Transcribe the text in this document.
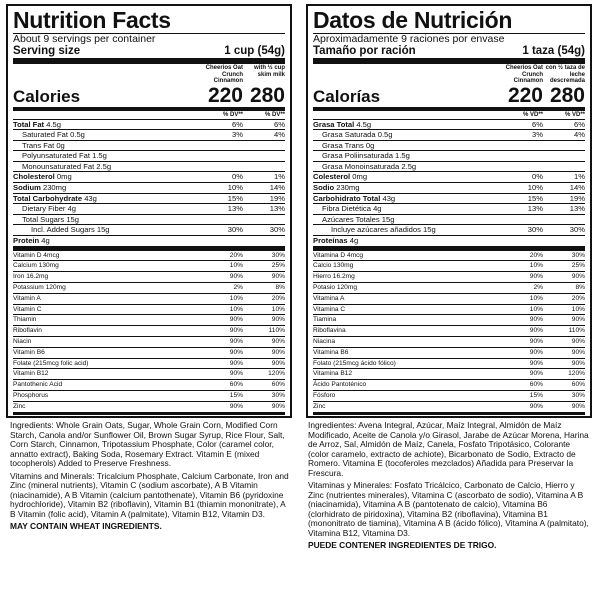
Nutrition Facts
About 9 servings per container
Serving size	1 cup (54g)
Cheerios Oat Crunch Cinnamon
with ½ cup skim milk
Calories	220 280
% DV**	% DV**
Total Fat 4.5g	6%	6%
Saturated Fat 0.5g	3%	4%
Trans Fat 0g
Polyunsaturated Fat 1.5g
Monounsaturated Fat 2.5g
Cholesterol 0mg	0%	1%
Sodium 230mg	10%	14%
Total Carbohydrate 43g	15%	19%
Dietary Fiber 4g	13%	13%
Total Sugars 15g
Incl. Added Sugars 15g	30%	30%
Protein 4g
Vitamin D 4mcg	20%	30%
Calcium 130mg	10%	25%
Iron 16.2mg	90%	90%
Potassium 120mg	2%	8%
Vitamin A	10%	20%
Vitamin C	10%	10%
Thiamin	90%	90%
Riboflavin	90%	110%
Niacin	90%	90%
Vitamin B6	90%	90%
Folate (215mcg folic acid)	90%	90%
Vitamin B12	90%	120%
Pantothenic Acid	60%	60%
Phosphorus	15%	30%
Zinc	90%	90%
Datos de Nutrición
Aproximadamente 9 raciones por envase
Tamaño por ración	1 taza (54g)
Cheerios Oat Crunch Cinnamon
con ½ taza de leche descremada
Calorías	220 280
% VD**	% VD**
Grasa Total 4.5g	6%	6%
Grasa Saturada 0.5g	3%	4%
Grasa Trans 0g
Grasa Poliinsaturada 1.5g
Grasa Monoinsaturada 2.5g
Colesterol 0mg	0%	1%
Sodio 230mg	10%	14%
Carbohidrato Total 43g	15%	19%
Fibra Dietética 4g	13%	13%
Azúcares Totales 15g
Incluye azúcares añadidos 15g	30%	30%
Proteínas 4g
Vitamina D 4mcg	20%	30%
Calcio 130mg	10%	25%
Hierro 16.2mg	90%	90%
Potasio 120mg	2%	8%
Vitamina A	10%	20%
Vitamina C	10%	10%
Tiamina	90%	90%
Riboflavina	90%	110%
Niacina	90%	90%
Vitamina B6	90%	90%
Folato (215mcg ácido fólico)	90%	90%
Vitamina B12	90%	120%
Ácido Pantoténico	60%	60%
Fósforo	15%	30%
Zinc	90%	90%

Ingredients: Whole Grain Oats, Sugar, Whole Grain Corn, Modified Corn Starch, Canola and/or Sunflower Oil, Brown Sugar Syrup, Rice Flour, Salt, Corn Starch, Cinnamon, Tripotassium Phosphate, Color (caramel color, annatto extract), Baking Soda, Rosemary Extract. Vitamin E (mixed tocopherols) Added to Preserve Freshness.

Vitamins and Minerals: Tricalcium Phosphate, Calcium Carbonate, Iron and Zinc (mineral nutrients), Vitamin C (sodium ascorbate), A B Vitamin (niacinamide), A B Vitamin (calcium pantothenate), Vitamin B6 (pyridoxine hydrochloride), Vitamin B2 (riboflavin), Vitamin B1 (thiamin mononitrate), A B Vitamin (folic acid), Vitamin A (palmitate), Vitamin B12, Vitamin D3.

MAY CONTAIN WHEAT INGREDIENTS.

Ingredientes: Avena Integral, Azúcar, Maíz Integral, Almidón de Maíz Modificado, Aceite de Canola y/o Girasol, Jarabe de Azúcar Morena, Harina de Arroz, Sal, Almidón de Maíz, Canela, Fosfato Tripotásico, Colorante (color caramelo, extracto de achiote), Bicarbonato de Sodio, Extracto de Romero. Vitamina E (tocoferoles mezclados) Añadida para Preservar la Frescura.

Vitaminas y Minerales: Fosfato Tricálcico, Carbonato de Calcio, Hierro y Zinc (nutrientes minerales), Vitamina C (ascorbato de sodio), Vitamina A B (niacinamida), Vitamina A B (pantotenato de calcio), Vitamina B6 (clorhidrato de piridoxina), Vitamina B2 (riboflavina), Vitamina B1 (mononitrato de tiamina), Vitamina A B (ácido fólico), Vitamina A (palmitato), Vitamina B12, Vitamina D3.

PUEDE CONTENER INGREDIENTES DE TRIGO.
